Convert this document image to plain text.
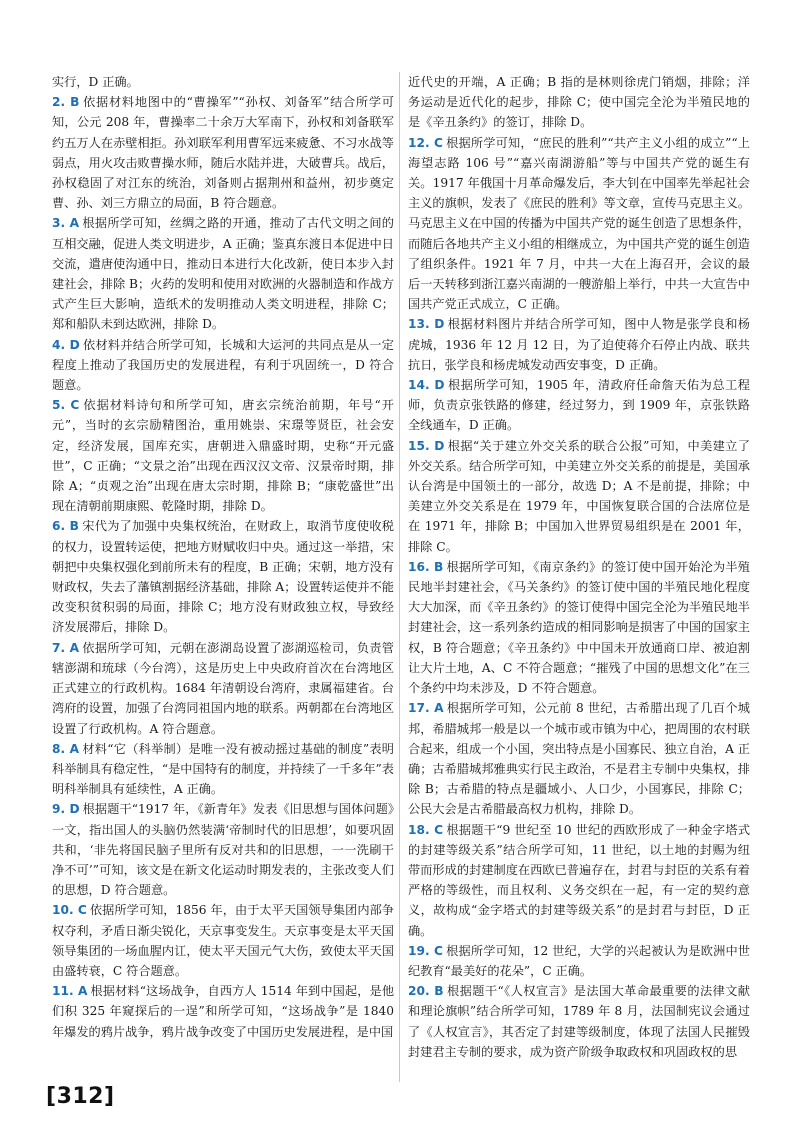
实行，D 正确。

2. B 依据材料地图中的“曹操军”“孙权、刘备军”结合所学可知，公元 208 年，曹操率二十余万大军南下，孙权和刘备联军约五万人在赤壁相拒。孙刘联军利用曹军远来疲惫、不习水战等弱点，用火攻击败曹操水师，随后水陆并进，大破曹兵。战后，孙权稳固了对江东的统治，刘备则占据荆州和益州，初步奠定曹、孙、刘三方鼎立的局面，B 符合题意。

3. A 根据所学可知，丝绸之路的开通，推动了古代文明之间的互相交融，促进人类文明进步，A 正确；鉴真东渡日本促进中日交流，遣唐使沟通中日，推动日本进行大化改新，使日本步入封建社会，排除 B；火药的发明和使用对欧洲的火器制造和作战方式产生巨大影响，造纸术的发明推动人类文明进程，排除 C；郑和船队未到达欧洲，排除 D。

4. D 依材料并结合所学可知，长城和大运河的共同点是从一定程度上推动了我国历史的发展进程，有利于巩固统一，D 符合题意。

5. C 依据材料诗句和所学可知，唐玄宗统治前期，年号“开元”，当时的玄宗励精图治，重用姚崇、宋璟等贤臣，社会安定，经济发展，国库充实，唐朝进入鼎盛时期，史称“开元盛世”，C 正确；“文景之治”出现在西汉汉文帝、汉景帝时期，排除 A；“贞观之治”出现在唐太宗时期，排除 B；“康乾盛世”出现在清朝前期康熙、乾隆时期，排除 D。

6. B 宋代为了加强中央集权统治，在财政上，取消节度使收税的权力，设置转运使，把地方财赋收归中央。通过这一举措，宋朝把中央集权强化到前所未有的程度，B 正确；宋朝，地方没有财政权，失去了藩镇割据经济基础，排除 A；设置转运使并不能改变积贫积弱的局面，排除 C；地方没有财政独立权，导致经济发展滞后，排除 D。

7. A 依据所学可知，元朝在澎湖岛设置了澎湖巡检司，负责管辖澎湖和琉球（今台湾），这是历史上中央政府首次在台湾地区正式建立的行政机构。1684 年清朝设台湾府，隶属福建省。台湾府的设置，加强了台湾同祖国内地的联系。两朝都在台湾地区设置了行政机构。A 符合题意。

8. A 材料“它（科举制）是唯一没有被动摇过基础的制度”表明科举制具有稳定性，“是中国特有的制度，并持续了一千多年”表明科举制具有延续性，A 正确。

9. D 根据题干“1917 年，《新青年》发表《旧思想与国体问题》一文，指出国人的头脑仍然装满‘帝制时代的旧思想’，如要巩固共和，‘非先将国民脑子里所有反对共和的旧思想，一一洗刷干净不可’”可知，该文是在新文化运动时期发表的，主张改变人们的思想，D 符合题意。

10. C 依据所学可知，1856 年，由于太平天国领导集团内部争权夺利，矛盾日渐尖锐化，天京事变发生。天京事变是太平天国领导集团的一场血腥内讧，使太平天国元气大伤，致使太平天国由盛转衰，C 符合题意。

11. A 根据材料“这场战争，自西方人 1514 年到中国起，是他们积 325 年窥探后的一逞”和所学可知，“这场战争”是 1840 年爆发的鸦片战争，鸦片战争改变了中国历史发展进程，是中国

近代史的开端，A 正确；B 指的是林则徐虎门销烟，排除；洋务运动是近代化的起步，排除 C；使中国完全沦为半殖民地的是《辛丑条约》的签订，排除 D。

12. C 根据所学可知，“庶民的胜利”“共产主义小组的成立”“上海望志路 106 号”“嘉兴南湖游船”等与中国共产党的诞生有关。1917 年俄国十月革命爆发后，李大钊在中国率先举起社会主义的旗帜，发表了《庶民的胜利》等文章，宣传马克思主义。马克思主义在中国的传播为中国共产党的诞生创造了思想条件，而随后各地共产主义小组的相继成立，为中国共产党的诞生创造了组织条件。1921 年 7 月，中共一大在上海召开，会议的最后一天转移到浙江嘉兴南湖的一艘游船上举行，中共一大宣告中国共产党正式成立，C 正确。

13. D 根据材料图片并结合所学可知，图中人物是张学良和杨虎城，1936 年 12 月 12 日，为了迫使蒋介石停止内战、联共抗日，张学良和杨虎城发动西安事变，D 正确。

14. D 根据所学可知，1905 年，清政府任命詹天佑为总工程师，负责京张铁路的修建，经过努力，到 1909 年，京张铁路全线通车，D 正确。

15. D 根据“关于建立外交关系的联合公报”可知，中美建立了外交关系。结合所学可知，中美建立外交关系的前提是，美国承认台湾是中国领土的一部分，故选 D；A 不是前提，排除；中美建立外交关系是在 1979 年，中国恢复联合国的合法席位是在 1971 年，排除 B；中国加入世界贸易组织是在 2001 年，排除 C。

16. B 根据所学可知，《南京条约》的签订使中国开始沦为半殖民地半封建社会，《马关条约》的签订使中国的半殖民地化程度大大加深，而《辛丑条约》的签订使得中国完全沦为半殖民地半封建社会，这一系列条约造成的相同影响是损害了中国的国家主权，B 符合题意；《辛丑条约》中中国未开放通商口岸、被迫割让大片土地，A、C 不符合题意；“摧残了中国的思想文化”在三个条约中均未涉及，D 不符合题意。

17. A 根据所学可知，公元前 8 世纪，古希腊出现了几百个城邦，希腊城邦一般是以一个城市或市镇为中心，把周围的农村联合起来，组成一个小国，突出特点是小国寡民、独立自治，A 正确；古希腊城邦雅典实行民主政治，不是君主专制中央集权，排除 B；古希腊的特点是疆域小、人口少，小国寡民，排除 C；公民大会是古希腊最高权力机构，排除 D。

18. C 根据题干“9 世纪至 10 世纪的西欧形成了一种金字塔式的封建等级关系”结合所学可知，11 世纪，以土地的封赐为纽带而形成的封建制度在西欧已普遍存在，封君与封臣的关系有着严格的等级性，而且权利、义务交织在一起，有一定的契约意义，故构成“金字塔式的封建等级关系”的是封君与封臣，D 正确。

19. C 根据所学可知，12 世纪，大学的兴起被认为是欧洲中世纪教育“最美好的花朵”，C 正确。

20. B 根据题干“《人权宣言》是法国大革命最重要的法律文献和理论旗帜”结合所学可知，1789 年 8 月，法国制宪议会通过了《人权宣言》，其否定了封建等级制度，体现了法国人民摧毁封建君主专制的要求，成为资产阶级争取政权和巩固政权的思

[312]
